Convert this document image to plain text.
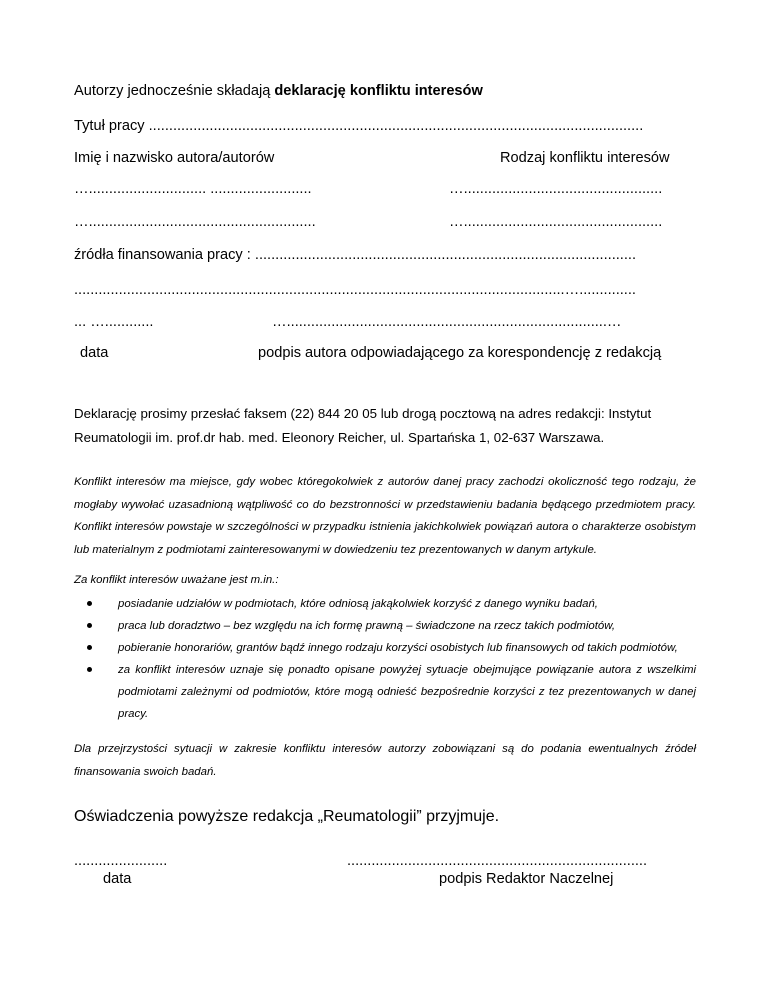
Autorzy jednocześnie składają deklarację konfliktu interesów
Tytuł pracy ..........................................................................................................................
Imię i nazwisko autora/autorów	Rodzaj konfliktu interesów
…............................. .........................	….................................................
…........................................................	….................................................
źródła finansowania pracy : ..............................................................................................
.........................................................................................................................…..............
... …............	…...............................................................................…
data	podpis autora odpowiadającego za korespondencję z redakcją
Deklarację prosimy przesłać faksem (22) 844 20 05 lub drogą pocztową na adres redakcji: Instytut
Reumatologii im. prof.dr hab. med. Eleonory Reicher, ul. Spartańska 1, 02-637 Warszawa.
Konflikt interesów ma miejsce, gdy wobec któregokolwiek z autorów danej pracy zachodzi okoliczność tego rodzaju, że mogłaby wywołać uzasadnioną wątpliwość co do bezstronności w przedstawieniu badania będącego przedmiotem pracy. Konflikt interesów powstaje w szczególności w przypadku istnienia jakichkolwiek powiązań autora o charakterze osobistym lub materialnym z podmiotami zainteresowanymi w dowiedzeniu tez prezentowanych w danym artykule.
Za konflikt interesów uważane jest m.in.:
posiadanie udziałów w podmiotach, które odniosą jakąkolwiek korzyść z danego wyniku badań,
praca lub doradztwo – bez względu na ich formę prawną – świadczone na rzecz takich podmiotów,
pobieranie honorariów, grantów bądź innego rodzaju korzyści osobistych lub finansowych od takich podmiotów,
za konflikt interesów uznaje się ponadto opisane powyżej sytuacje obejmujące powiązanie autora z wszelkimi podmiotami zależnymi od podmiotów, które mogą odnieść bezpośrednie korzyści z tez prezentowanych w danej pracy.
Dla przejrzystości sytuacji w zakresie konfliktu interesów autorzy zobowiązani są do podania ewentualnych źródeł finansowania swoich badań.
Oświadczenia powyższe redakcja „Reumatologii” przyjmuje.
.......................	..........................................................................
data	podpis Redaktor Naczelnej
